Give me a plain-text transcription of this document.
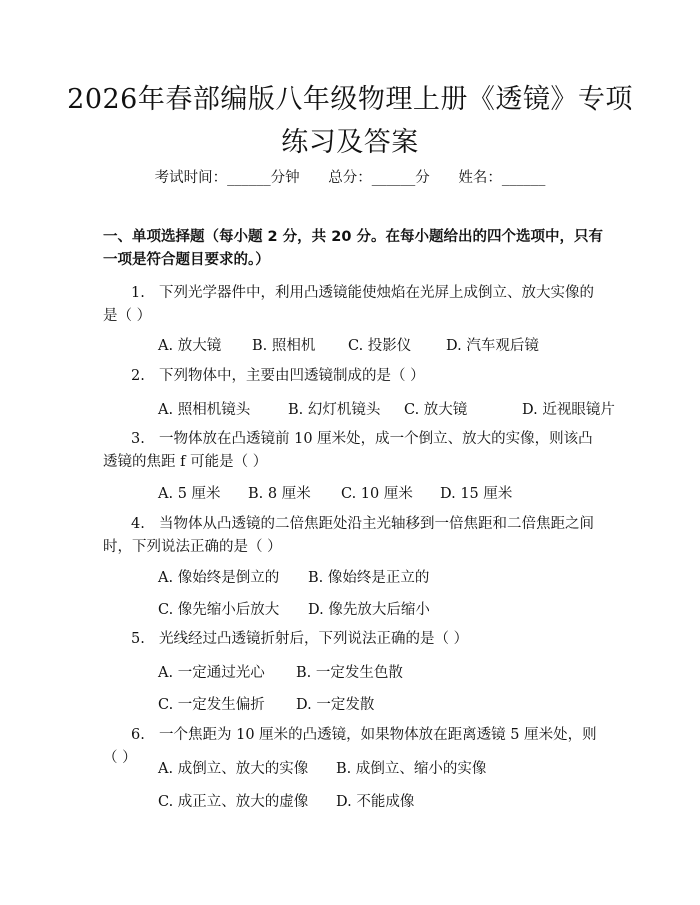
2026年春部编版八年级物理上册《透镜》专项练习及答案
考试时间：______分钟 总分：______分 姓名：______
一、单项选择题（每小题 2 分，共 20 分。在每小题给出的四个选项中，只有一项是符合题目要求的。）
1. 下列光学器件中，利用凸透镜能使烛焰在光屏上成倒立、放大实像的是（ ）
A. 放大镜 B. 照相机 C. 投影仪 D. 汽车观后镜
2. 下列物体中，主要由凹透镜制成的是（ ）
A. 照相机镜头	B. 幻灯机镜头 C. 放大镜	D. 近视眼镜片
3. 一物体放在凸透镜前 10 厘米处，成一个倒立、放大的实像，则该凸透镜的焦距 f 可能是（ ）
A. 5 厘米 B. 8 厘米 C. 10 厘米 D. 15 厘米
4. 当物体从凸透镜的二倍焦距处沿主光轴移到一倍焦距和二倍焦距之间时，下列说法正确的是（ ）
A. 像始终是倒立的 B. 像始终是正立的
C. 像先缩小后放大 D. 像先放大后缩小
5. 光线经过凸透镜折射后，下列说法正确的是（ ）
A. 一定通过光心 B. 一定发生色散
C. 一定发生偏折 D. 一定发散
6. 一个焦距为 10 厘米的凸透镜，如果物体放在距离透镜 5 厘米处，则（ ）
A. 成倒立、放大的实像 B. 成倒立、缩小的实像
C. 成正立、放大的虚像 D. 不能成像
